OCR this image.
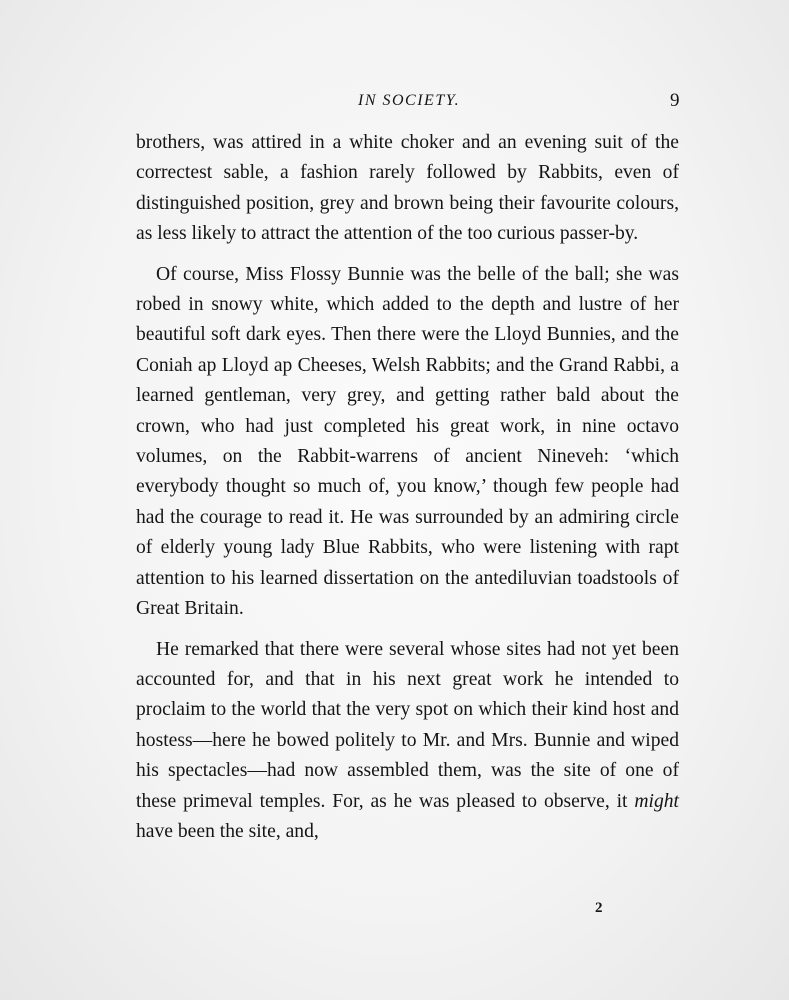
IN SOCIETY.	9

brothers, was attired in a white choker and an evening suit of the correctest sable, a fashion rarely followed by Rabbits, even of distinguished position, grey and brown being their favourite colours, as less likely to attract the attention of the too curious passer-by.

Of course, Miss Flossy Bunnie was the belle of the ball; she was robed in snowy white, which added to the depth and lustre of her beautiful soft dark eyes. Then there were the Lloyd Bunnies, and the Coniah ap Lloyd ap Cheeses, Welsh Rabbits; and the Grand Rabbi, a learned gentleman, very grey, and getting rather bald about the crown, who had just completed his great work, in nine octavo volumes, on the Rabbit-warrens of ancient Nineveh: ‘which everybody thought so much of, you know,’ though few people had had the courage to read it. He was surrounded by an admiring circle of elderly young lady Blue Rabbits, who were listening with rapt attention to his learned dissertation on the antediluvian toadstools of Great Britain.

He remarked that there were several whose sites had not yet been accounted for, and that in his next great work he intended to proclaim to the world that the very spot on which their kind host and hostess—here he bowed politely to Mr. and Mrs. Bunnie and wiped his spectacles—had now assembled them, was the site of one of these primeval temples. For, as he was pleased to observe, it might have been the site, and,

2
